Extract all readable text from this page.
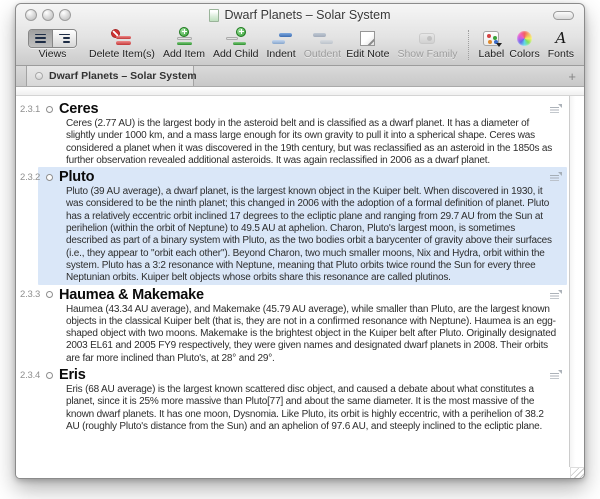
Dwarf Planets – Solar System
Views Delete Item(s) Add Item Add Child Indent Outdent Edit Note Show Family Label Colors
A
Fonts
Dwarf Planets – Solar System	+
2.3.1 Ceres
Ceres (2.77 AU) is the largest body in the asteroid belt and is classified as a dwarf planet. It has a diameter of slightly under 1000 km, and a mass large enough for its own gravity to pull it into a spherical shape. Ceres was considered a planet when it was discovered in the 19th century, but was reclassified as an asteroid in the 1850s as further observation revealed additional asteroids. It was again reclassified in 2006 as a dwarf planet.
2.3.2 Pluto
Pluto (39 AU average), a dwarf planet, is the largest known object in the Kuiper belt. When discovered in 1930, it was considered to be the ninth planet; this changed in 2006 with the adoption of a formal definition of planet. Pluto has a relatively eccentric orbit inclined 17 degrees to the ecliptic plane and ranging from 29.7 AU from the Sun at perihelion (within the orbit of Neptune) to 49.5 AU at aphelion. Charon, Pluto's largest moon, is sometimes described as part of a binary system with Pluto, as the two bodies orbit a barycenter of gravity above their surfaces (i.e., they appear to "orbit each other"). Beyond Charon, two much smaller moons, Nix and Hydra, orbit within the system. Pluto has a 3:2 resonance with Neptune, meaning that Pluto orbits twice round the Sun for every three Neptunian orbits. Kuiper belt objects whose orbits share this resonance are called plutinos.
2.3.3 Haumea & Makemake
Haumea (43.34 AU average), and Makemake (45.79 AU average), while smaller than Pluto, are the largest known objects in the classical Kuiper belt (that is, they are not in a confirmed resonance with Neptune). Haumea is an egg-shaped object with two moons. Makemake is the brightest object in the Kuiper belt after Pluto. Originally designated 2003 EL61 and 2005 FY9 respectively, they were given names and designated dwarf planets in 2008. Their orbits are far more inclined than Pluto's, at 28° and 29°.
2.3.4 Eris
Eris (68 AU average) is the largest known scattered disc object, and caused a debate about what constitutes a planet, since it is 25% more massive than Pluto[77] and about the same diameter. It is the most massive of the known dwarf planets. It has one moon, Dysnomia. Like Pluto, its orbit is highly eccentric, with a perihelion of 38.2 AU (roughly Pluto's distance from the Sun) and an aphelion of 97.6 AU, and steeply inclined to the ecliptic plane.
